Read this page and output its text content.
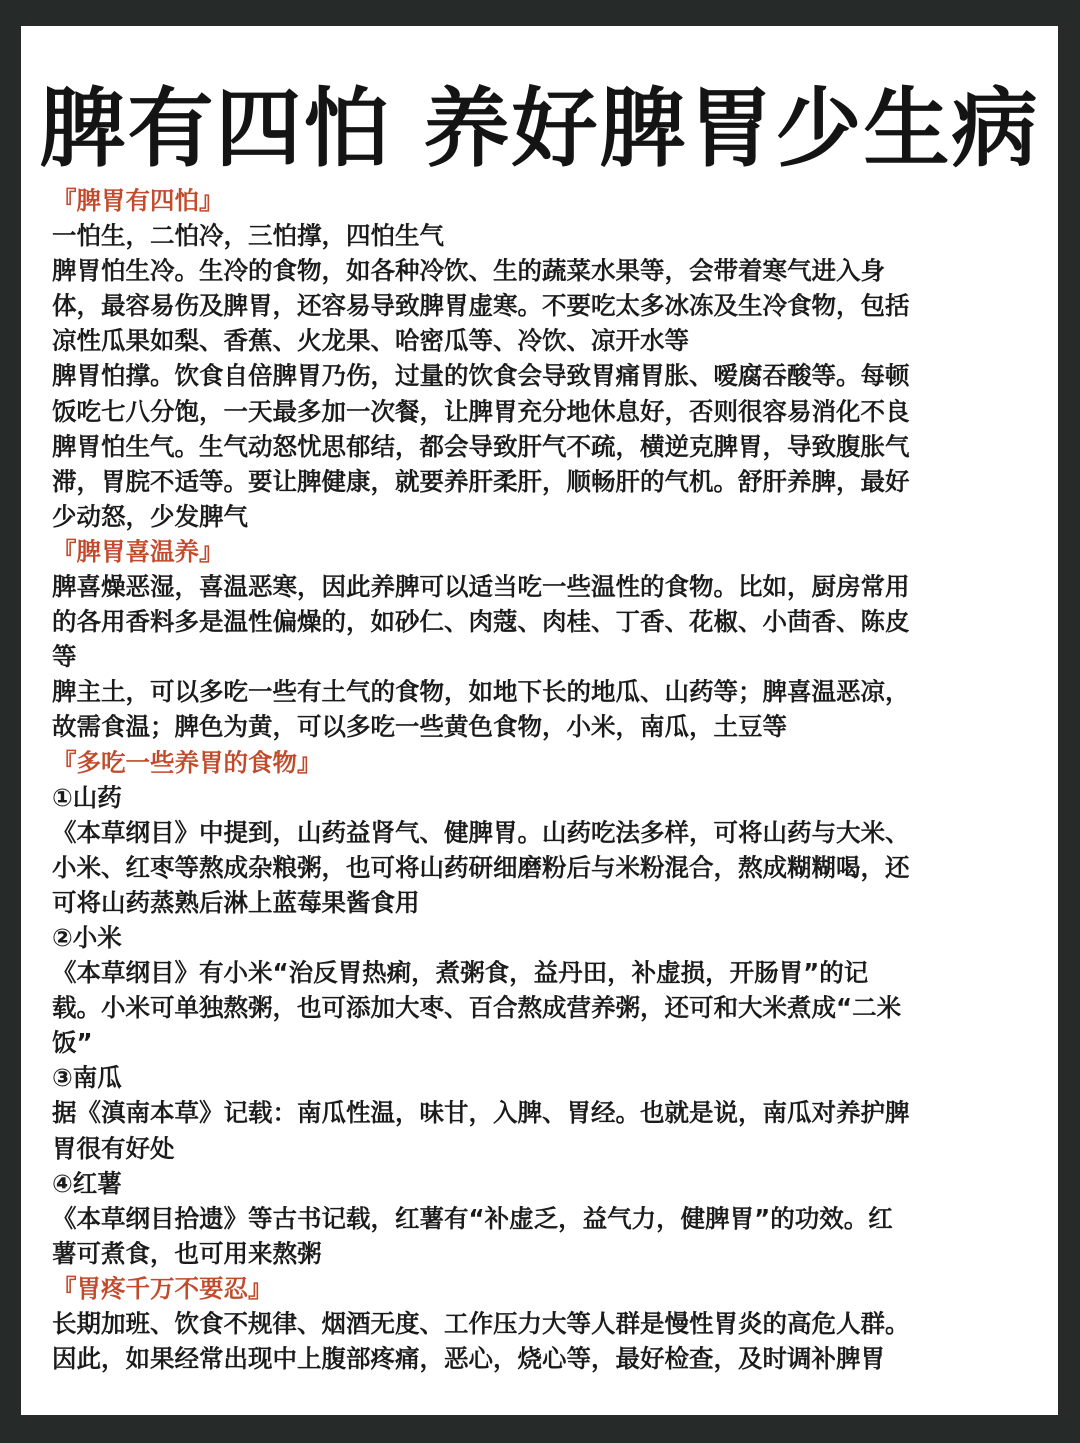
脾有四怕 养好脾胃少生病
『脾胃有四怕』
一怕生，二怕冷，三怕撑，四怕生气
脾胃怕生冷。生冷的食物，如各种冷饮、生的蔬菜水果等，会带着寒气进入身
体，最容易伤及脾胃，还容易导致脾胃虚寒。不要吃太多冰冻及生冷食物，包括
凉性瓜果如梨、香蕉、火龙果、哈密瓜等、冷饮、凉开水等
脾胃怕撑。饮食自倍脾胃乃伤，过量的饮食会导致胃痛胃胀、嗳腐吞酸等。每顿
饭吃七八分饱，一天最多加一次餐，让脾胃充分地休息好，否则很容易消化不良
脾胃怕生气。生气动怒忧思郁结，都会导致肝气不疏，横逆克脾胃，导致腹胀气
滞，胃脘不适等。要让脾健康，就要养肝柔肝，顺畅肝的气机。舒肝养脾，最好
少动怒，少发脾气
『脾胃喜温养』
脾喜燥恶湿，喜温恶寒，因此养脾可以适当吃一些温性的食物。比如，厨房常用
的各用香料多是温性偏燥的，如砂仁、肉蔻、肉桂、丁香、花椒、小茴香、陈皮
等
脾主土，可以多吃一些有土气的食物，如地下长的地瓜、山药等；脾喜温恶凉，
故需食温；脾色为黄，可以多吃一些黄色食物，小米，南瓜，土豆等
『多吃一些养胃的食物』
①山药
《本草纲目》中提到，山药益肾气、健脾胃。山药吃法多样，可将山药与大米、
小米、红枣等熬成杂粮粥，也可将山药研细磨粉后与米粉混合，熬成糊糊喝，还
可将山药蒸熟后淋上蓝莓果酱食用
②小米
《本草纲目》有小米“治反胃热痢，煮粥食，益丹田，补虚损，开肠胃”的记
载。小米可单独熬粥，也可添加大枣、百合熬成营养粥，还可和大米煮成“二米
饭”
③南瓜
据《滇南本草》记载：南瓜性温，味甘，入脾、胃经。也就是说，南瓜对养护脾
胃很有好处
④红薯
《本草纲目拾遗》等古书记载，红薯有“补虚乏，益气力，健脾胃”的功效。红
薯可煮食，也可用来熬粥
『胃疼千万不要忍』
长期加班、饮食不规律、烟酒无度、工作压力大等人群是慢性胃炎的高危人群。
因此，如果经常出现中上腹部疼痛，恶心，烧心等，最好检查，及时调补脾胃
